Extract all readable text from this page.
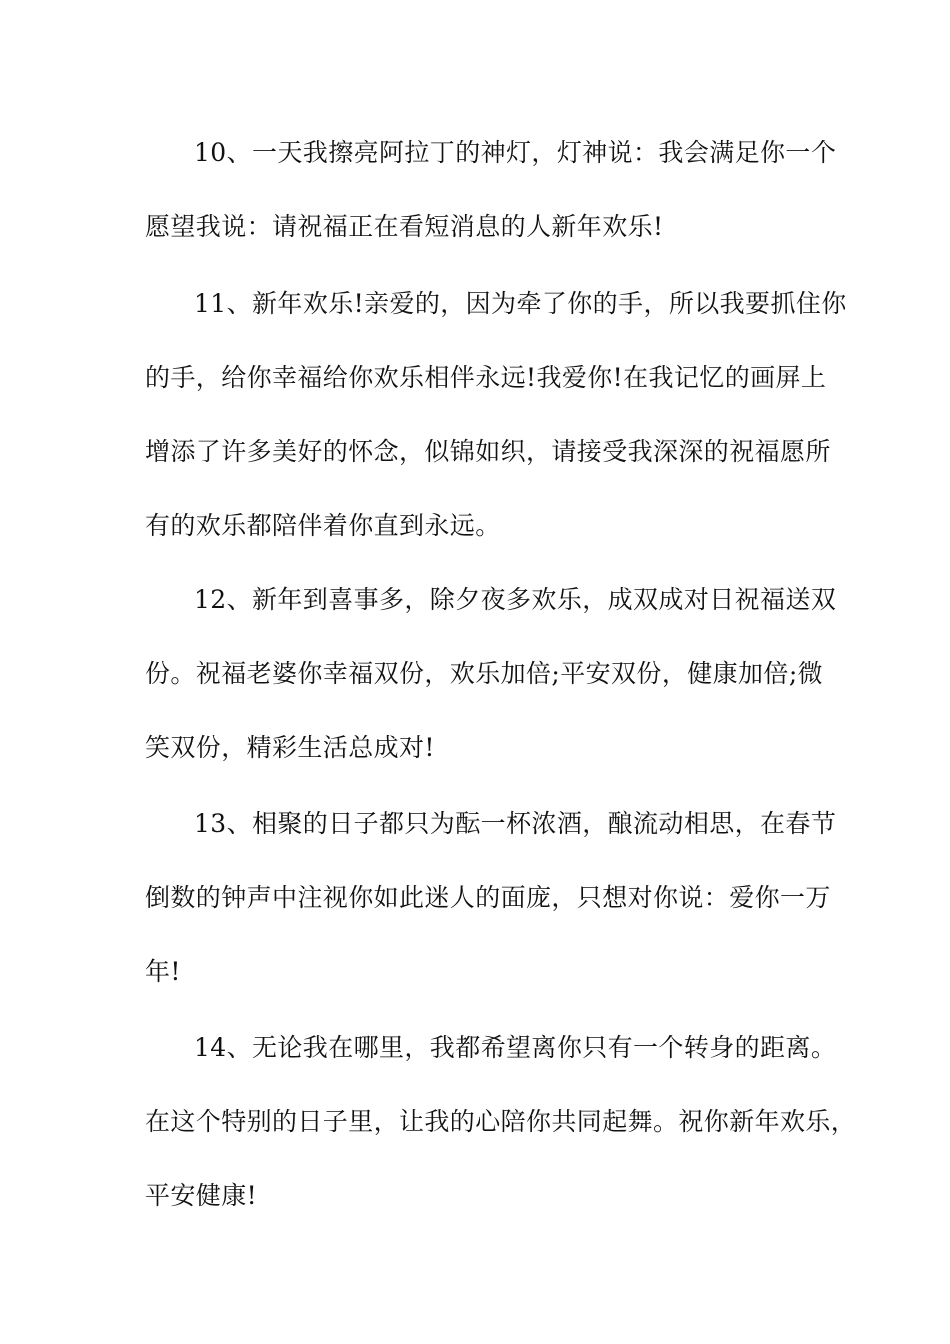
10、一天我擦亮阿拉丁的神灯，灯神说：我会满足你一个
愿望我说：请祝福正在看短消息的人新年欢乐!
11、新年欢乐!亲爱的，因为牵了你的手，所以我要抓住你
的手，给你幸福给你欢乐相伴永远!我爱你!在我记忆的画屏上
增添了许多美好的怀念，似锦如织，请接受我深深的祝福愿所
有的欢乐都陪伴着你直到永远。
12、新年到喜事多，除夕夜多欢乐，成双成对日祝福送双
份。祝福老婆你幸福双份，欢乐加倍;平安双份，健康加倍;微
笑双份，精彩生活总成对!
13、相聚的日子都只为酝一杯浓酒，酿流动相思，在春节
倒数的钟声中注视你如此迷人的面庞，只想对你说：爱你一万
年!
14、无论我在哪里，我都希望离你只有一个转身的距离。
在这个特别的日子里，让我的心陪你共同起舞。祝你新年欢乐，
平安健康!
